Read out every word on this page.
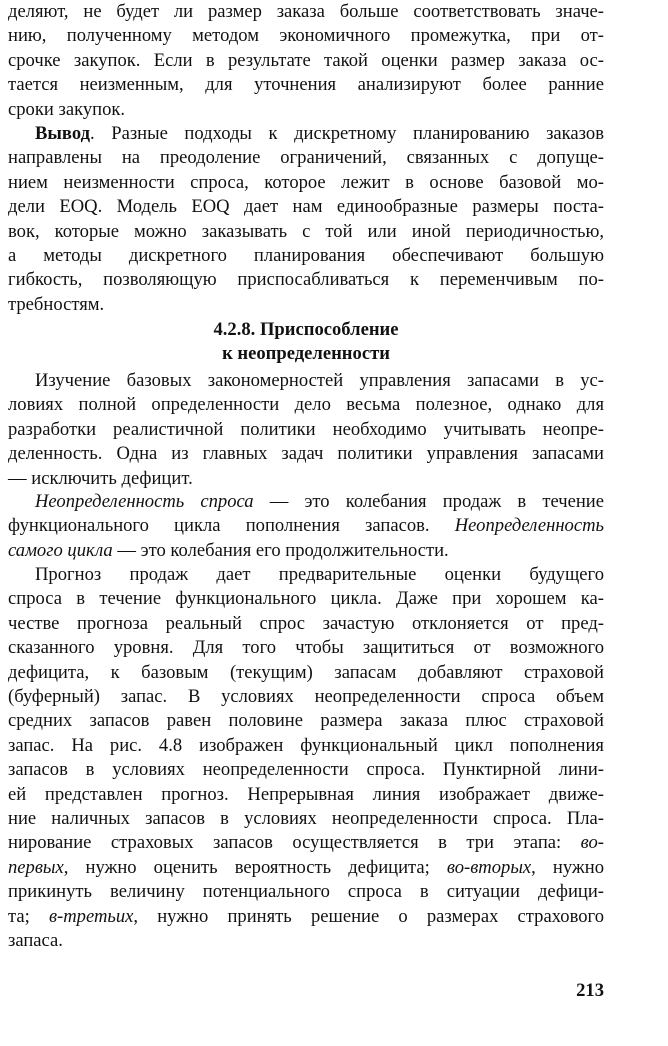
деляют, не будет ли размер заказа больше соответствовать значе-
нию, полученному методом экономичного промежутка, при от-
срочке закупок. Если в результате такой оценки размер заказа ос-
тается неизменным, для уточнения анализируют более ранние
сроки закупок.
Вывод. Разные подходы к дискретному планированию заказов
направлены на преодоление ограничений, связанных с допуще-
нием неизменности спроса, которое лежит в основе базовой мо-
дели EOQ. Модель EOQ дает нам единообразные размеры поста-
вок, которые можно заказывать с той или иной периодичностью,
а методы дискретного планирования обеспечивают большую
гибкость, позволяющую приспосабливаться к переменчивым по-
требностям.
4.2.8. Приспособление
к неопределенности
Изучение базовых закономерностей управления запасами в ус-
ловиях полной определенности дело весьма полезное, однако для
разработки реалистичной политики необходимо учитывать неопре-
деленность. Одна из главных задач политики управления запасами
— исключить дефицит.
Неопределенность спроса — это колебания продаж в течение
функционального цикла пополнения запасов. Неопределенность
самого цикла — это колебания его продолжительности.
Прогноз продаж дает предварительные оценки будущего
спроса в течение функционального цикла. Даже при хорошем ка-
честве прогноза реальный спрос зачастую отклоняется от пред-
сказанного уровня. Для того чтобы защититься от возможного
дефицита, к базовым (текущим) запасам добавляют страховой
(буферный) запас. В условиях неопределенности спроса объем
средних запасов равен половине размера заказа плюс страховой
запас. На рис. 4.8 изображен функциональный цикл пополнения
запасов в условиях неопределенности спроса. Пунктирной лини-
ей представлен прогноз. Непрерывная линия изображает движе-
ние наличных запасов в условиях неопределенности спроса. Пла-
нирование страховых запасов осуществляется в три этапа: во-
первых, нужно оценить вероятность дефицита; во-вторых, нужно
прикинуть величину потенциального спроса в ситуации дефици-
та; в-третьих, нужно принять решение о размерах страхового
запаса.
213
